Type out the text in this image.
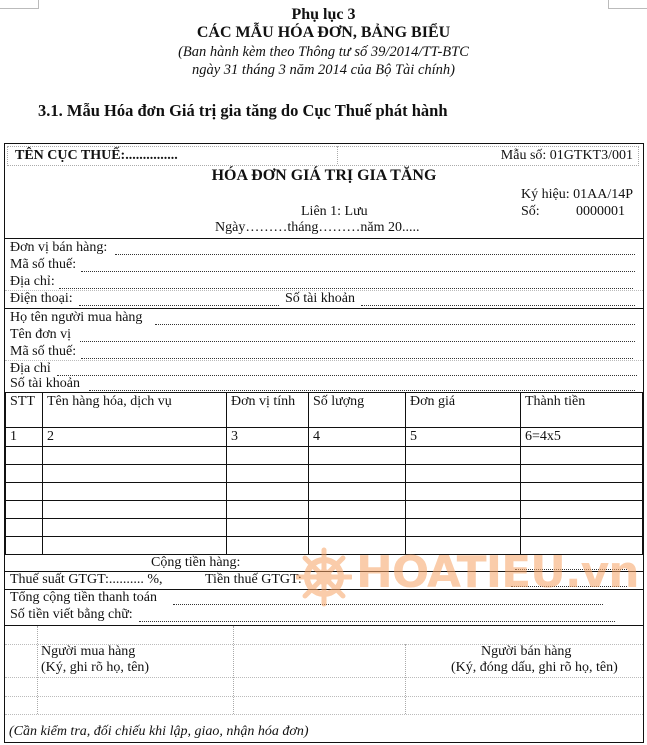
Phụ lục 3
CÁC MẪU HÓA ĐƠN, BẢNG BIỂU
(Ban hành kèm theo Thông tư số 39/2014/TT-BTC
ngày 31 tháng 3 năm 2014 của Bộ Tài chính)
3.1. Mẫu Hóa đơn Giá trị gia tăng do Cục Thuế phát hành
TÊN CỤC THUẾ:...............	Mẫu số: 01GTKT3/001
HÓA ĐƠN GIÁ TRỊ GIA TĂNG
Ký hiệu: 01AA/14P
Số:	0000001
Liên 1: Lưu
Ngày………tháng………năm 20.....
Đơn vị bán hàng:
Mã số thuế:
Địa chỉ:
Điện thoại:	Số tài khoản
Họ tên người mua hàng
Tên đơn vị
Mã số thuế:
Địa chỉ
Số tài khoản
STT	Tên hàng hóa, dịch vụ	Đơn vị tính	Số lượng	Đơn giá	Thành tiền
1	2	3	4	5	6=4x5

Cộng tiền hàng:
Thuế suất GTGT:.......... %,	Tiền thuế GTGT:
Tổng cộng tiền thanh toán
Số tiền viết bằng chữ:
Người mua hàng
(Ký, ghi rõ họ, tên)
Người bán hàng
(Ký, đóng dấu, ghi rõ họ, tên)
(Cần kiểm tra, đối chiếu khi lập, giao, nhận hóa đơn)
HOATIEU.vn
